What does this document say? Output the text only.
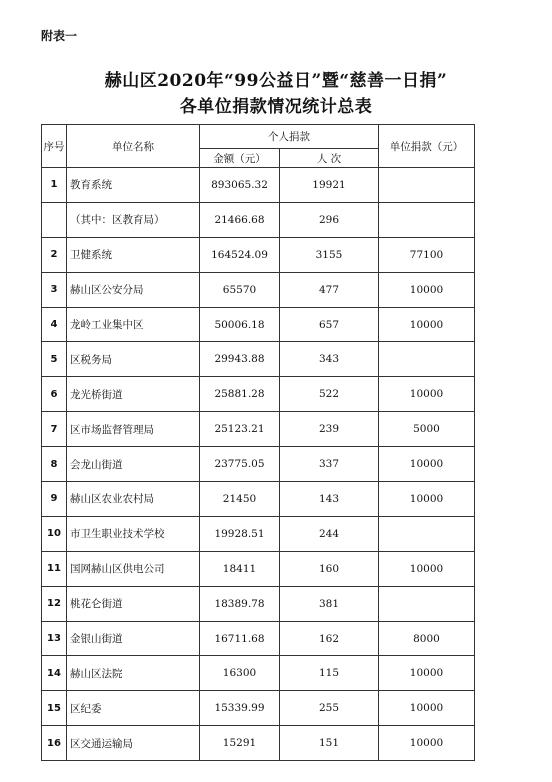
附表一
赫山区2020年“99公益日”暨“慈善一日捐”
各单位捐款情况统计总表
序号	单位名称	个人捐款		单位捐款（元）
		金额（元）	人 次	
1	教育系统	893065.32	19921	
	（其中：区教育局）	21466.68	296	
2	卫健系统	164524.09	3155	77100
3	赫山区公安分局	65570	477	10000
4	龙岭工业集中区	50006.18	657	10000
5	区税务局	29943.88	343	
6	龙光桥街道	25881.28	522	10000
7	区市场监督管理局	25123.21	239	5000
8	会龙山街道	23775.05	337	10000
9	赫山区农业农村局	21450	143	10000
10	市卫生职业技术学校	19928.51	244	
11	国网赫山区供电公司	18411	160	10000
12	桃花仑街道	18389.78	381	
13	金银山街道	16711.68	162	8000
14	赫山区法院	16300	115	10000
15	区纪委	15339.99	255	10000
16	区交通运输局	15291	151	10000
